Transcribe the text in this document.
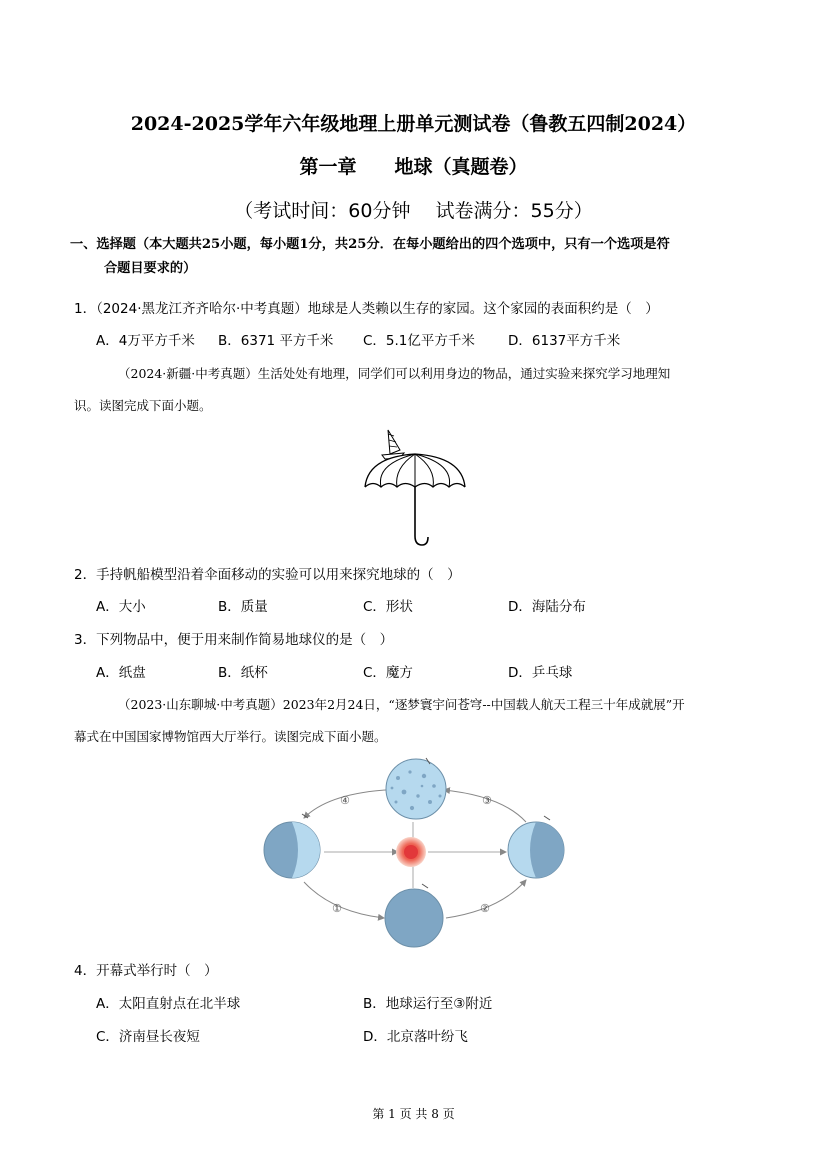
2024-2025学年六年级地理上册单元测试卷（鲁教五四制2024）
第一章　　地球（真题卷）
（考试时间：60分钟　 试卷满分：55分）
一、选择题（本大题共25小题，每小题1分，共25分．在每小题给出的四个选项中，只有一个选项是符
合题目要求的）
1．（2024·黑龙江齐齐哈尔·中考真题）地球是人类赖以生存的家园。这个家园的表面积约是（　）
A．4万平方千米 B．6371 平方千米 C．5.1亿平方千米 D．6137平方千米
（2024·新疆·中考真题）生活处处有地理，同学们可以利用身边的物品，通过实验来探究学习地理知
识。读图完成下面小题。
2．手持帆船模型沿着伞面移动的实验可以用来探究地球的（　）
A．大小	B．质量	C．形状	D．海陆分布
3．下列物品中，便于用来制作简易地球仪的是（　）
A．纸盘	B．纸杯	C．魔方	D．乒乓球
（2023·山东聊城·中考真题）2023年2月24日，“逐梦寰宇问苍穹--中国载人航天工程三十年成就展”开
幕式在中国国家博物馆西大厅举行。读图完成下面小题。
④	③
①	②
4．开幕式举行时（　）
A．太阳直射点在北半球	B．地球运行至③附近
C．济南昼长夜短	D．北京落叶纷飞
第 1 页 共 8 页
